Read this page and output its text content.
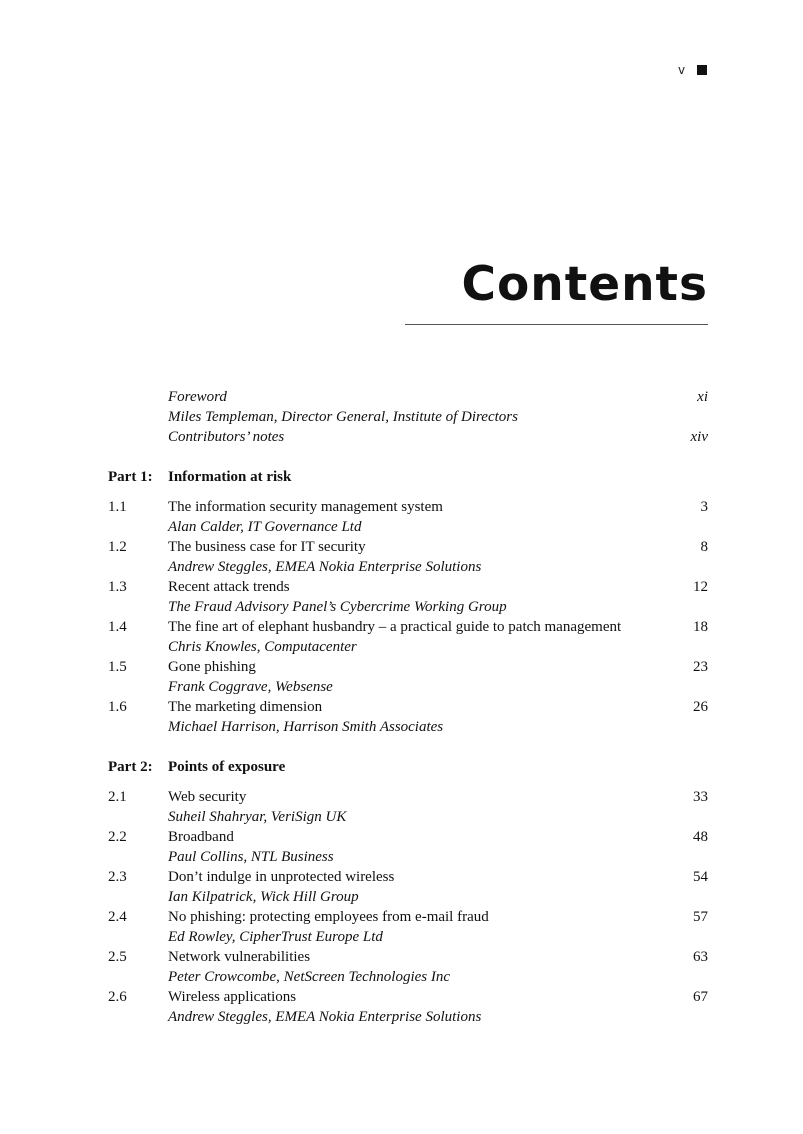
v
Contents
Foreword	xi
Miles Templeman, Director General, Institute of Directors
Contributors’ notes	xiv
Part 1: Information at risk
1.1	The information security management system	3
Alan Calder, IT Governance Ltd
1.2	The business case for IT security	8
Andrew Steggles, EMEA Nokia Enterprise Solutions
1.3	Recent attack trends	12
The Fraud Advisory Panel’s Cybercrime Working Group
1.4	The fine art of elephant husbandry – a practical guide to patch management	18
Chris Knowles, Computacenter
1.5	Gone phishing	23
Frank Coggrave, Websense
1.6	The marketing dimension	26
Michael Harrison, Harrison Smith Associates
Part 2: Points of exposure
2.1	Web security	33
Suheil Shahryar, VeriSign UK
2.2	Broadband	48
Paul Collins, NTL Business
2.3	Don’t indulge in unprotected wireless	54
Ian Kilpatrick, Wick Hill Group
2.4	No phishing: protecting employees from e-mail fraud	57
Ed Rowley, CipherTrust Europe Ltd
2.5	Network vulnerabilities	63
Peter Crowcombe, NetScreen Technologies Inc
2.6	Wireless applications	67
Andrew Steggles, EMEA Nokia Enterprise Solutions
